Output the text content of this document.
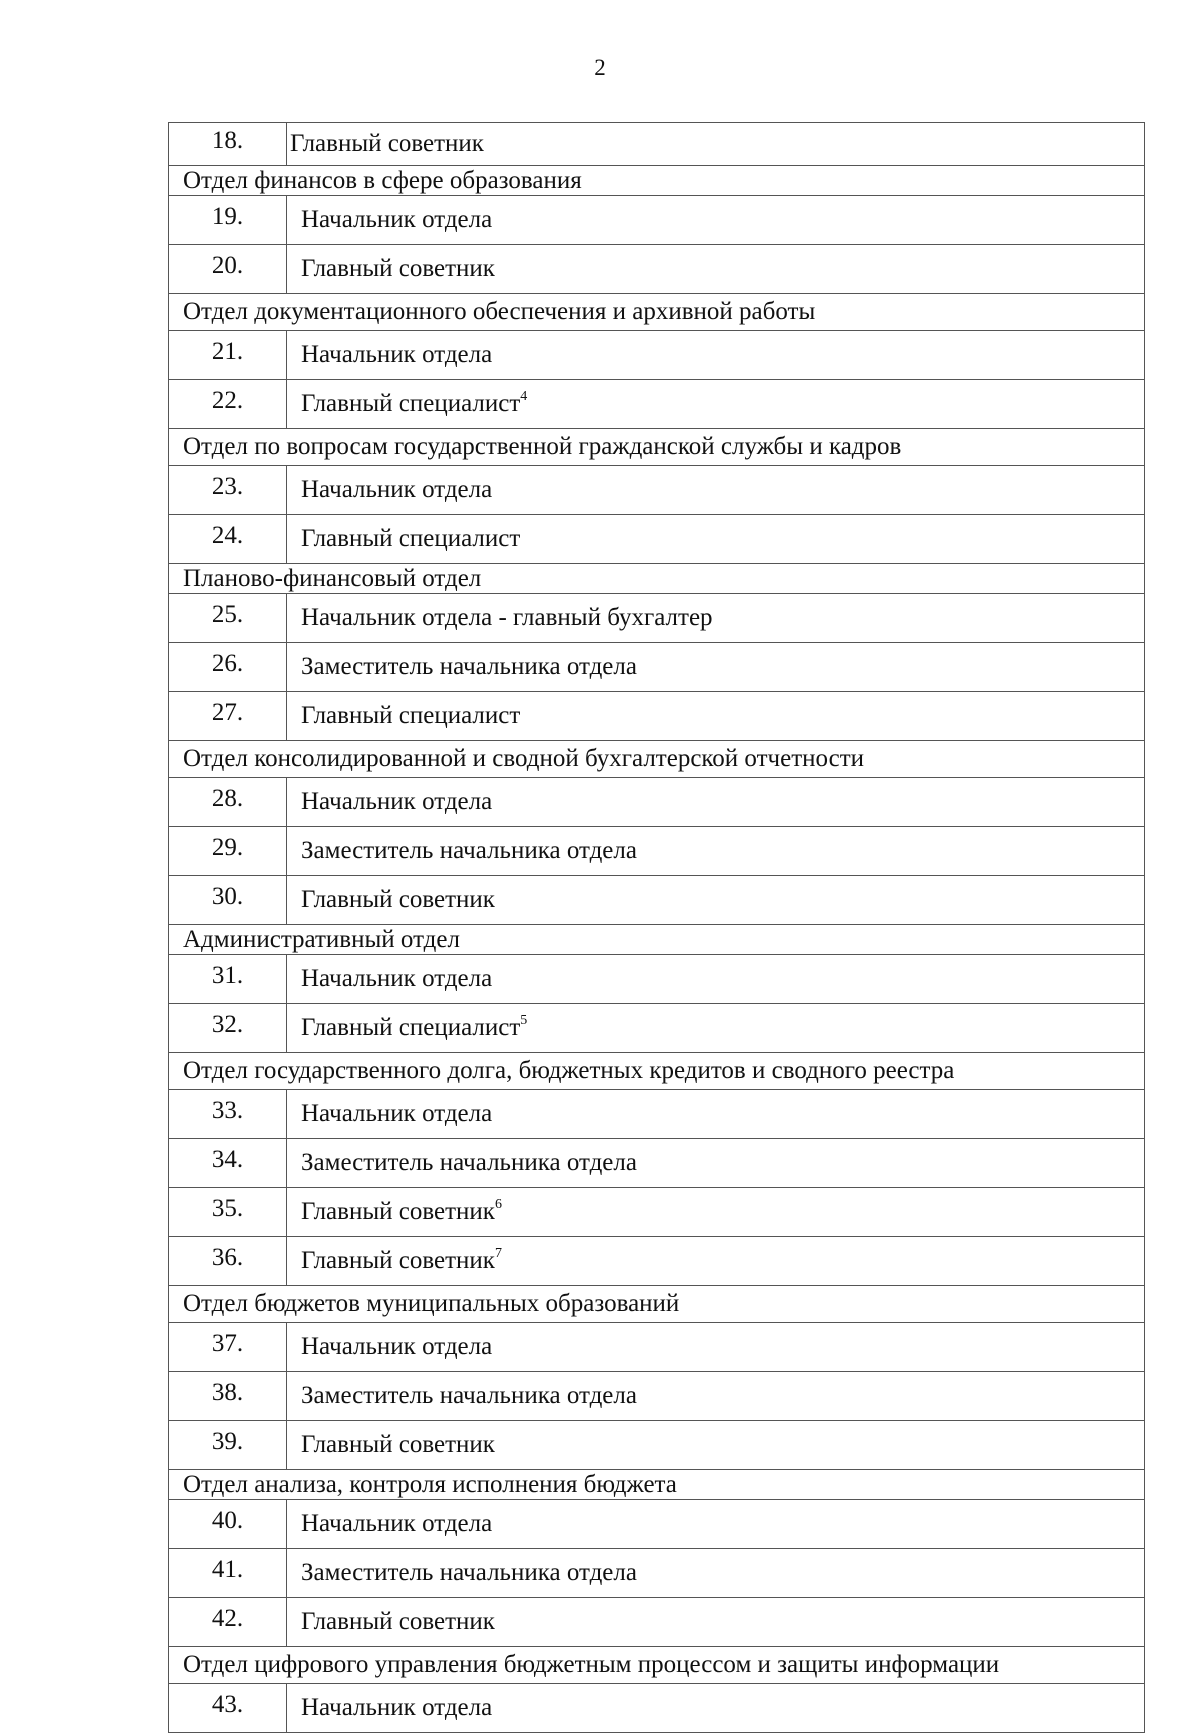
2
18.	Главный советник
Отдел финансов в сфере образования	
19.	Начальник отдела
20.	Главный советник
Отдел документационного обеспечения и архивной работы	
21.	Начальник отдела
22.	Главный специалист$^4$
Отдел по вопросам государственной гражданской службы и кадров	
23.	Начальник отдела
24.	Главный специалист
Планово-финансовый отдел	
25.	Начальник отдела - главный бухгалтер
26.	Заместитель начальника отдела
27.	Главный специалист
Отдел консолидированной и сводной бухгалтерской отчетности	
28.	Начальник отдела
29.	Заместитель начальника отдела
30.	Главный советник
Административный отдел	
31.	Начальник отдела
32.	Главный специалист$^5$
Отдел государственного долга, бюджетных кредитов и сводного реестра	
33.	Начальник отдела
34.	Заместитель начальника отдела
35.	Главный советник$^6$
36.	Главный советник$^7$
Отдел бюджетов муниципальных образований	
37.	Начальник отдела
38.	Заместитель начальника отдела
39.	Главный советник
Отдел анализа, контроля исполнения бюджета	
40.	Начальник отдела
41.	Заместитель начальника отдела
42.	Главный советник
Отдел цифрового управления бюджетным процессом и защиты информации	
43.	Начальник отдела
